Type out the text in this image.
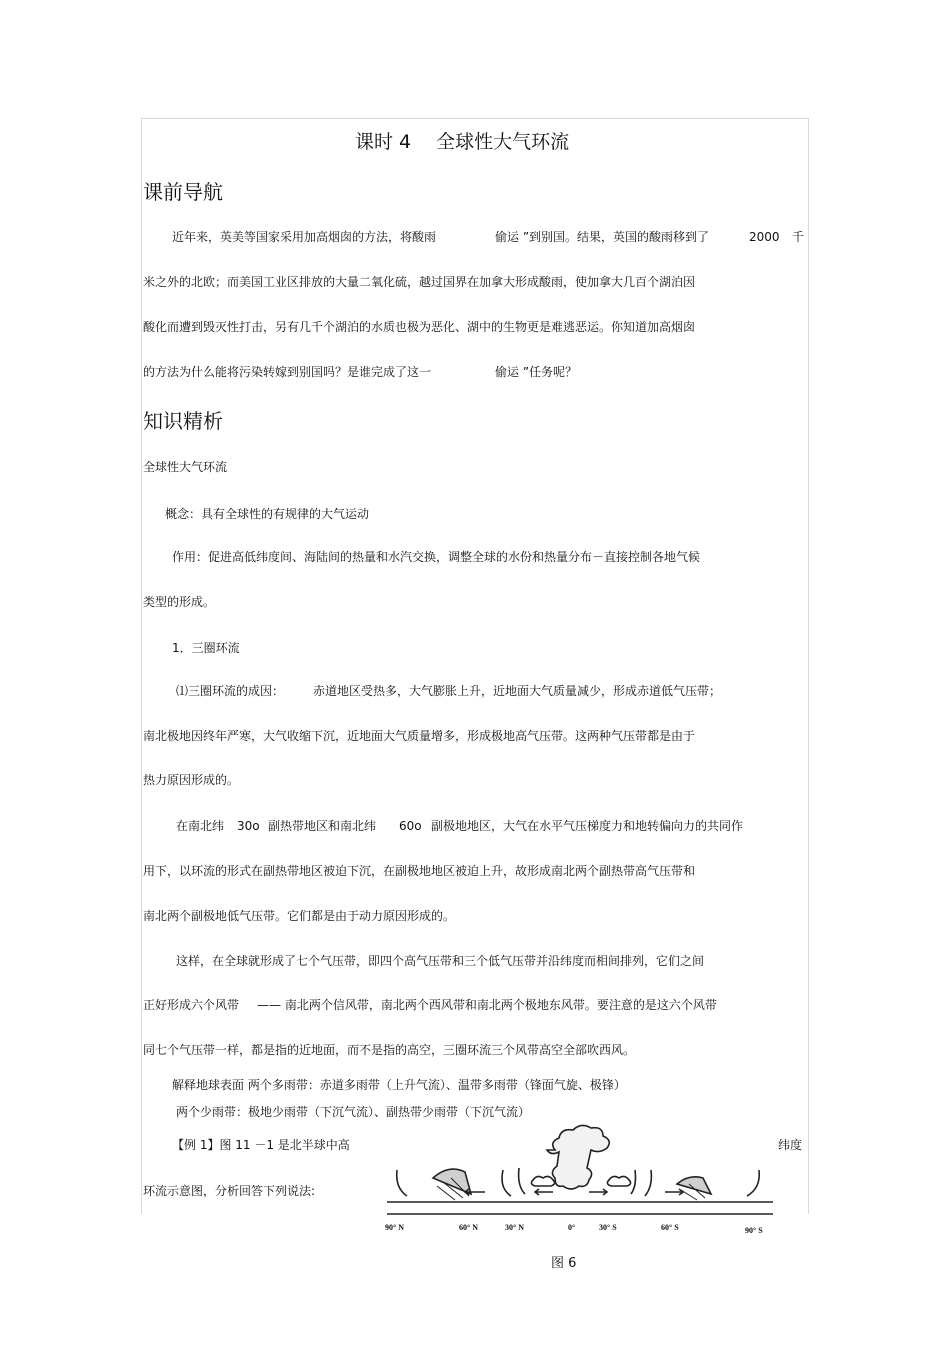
课时 4　 全球性大气环流
课前导航
近年来，英美等国家采用加高烟囱的方法，将酸雨	偷运 ”到别国。结果，英国的酸雨移到了	2000 千
米之外的北欧；而美国工业区排放的大量二氧化硫，越过国界在加拿大形成酸雨，使加拿大几百个湖泊因
酸化而遭到毁灭性打击，另有几千个湖泊的水质也极为恶化、湖中的生物更是难逃恶运。你知道加高烟囱
的方法为什么能将污染转嫁到别国吗？是谁完成了这一	偷运 ”任务呢？
知识精析
全球性大气环流
概念：具有全球性的有规律的大气运动
作用：促进高低纬度间、海陆间的热量和水汽交换，调整全球的水份和热量分布－直接控制各地气候
类型的形成。
1．三圈环流
⑴三圈环流的成因： 赤道地区受热多，大气膨胀上升，近地面大气质量减少，形成赤道低气压带；
南北极地因终年严寒，大气收缩下沉，近地面大气质量增多，形成极地高气压带。这两种气压带都是由于
热力原因形成的。
在南北纬 30o 副热带地区和南北纬 60o 副极地地区，大气在水平气压梯度力和地转偏向力的共同作
用下，以环流的形式在副热带地区被迫下沉，在副极地地区被迫上升，故形成南北两个副热带高气压带和
南北两个副极地低气压带。它们都是由于动力原因形成的。
这样，在全球就形成了七个气压带，即四个高气压带和三个低气压带并沿纬度而相间排列，它们之间
正好形成六个风带 —— 南北两个信风带，南北两个西风带和南北两个极地东风带。要注意的是这六个风带
同七个气压带一样，都是指的近地面，而不是指的高空，三圈环流三个风带高空全部吹西风。
解释地球表面 两个多雨带：赤道多雨带（上升气流）、温带多雨带（锋面气旋、极锋）
两个少雨带：极地少雨带（下沉气流）、副热带少雨带（下沉气流）
【例 1】图 11 －1 是北半球中高	纬度
环流示意图，分析回答下列说法:
90° N	60° N	30° N	0°	30° S	60° S	90° S
图 6
